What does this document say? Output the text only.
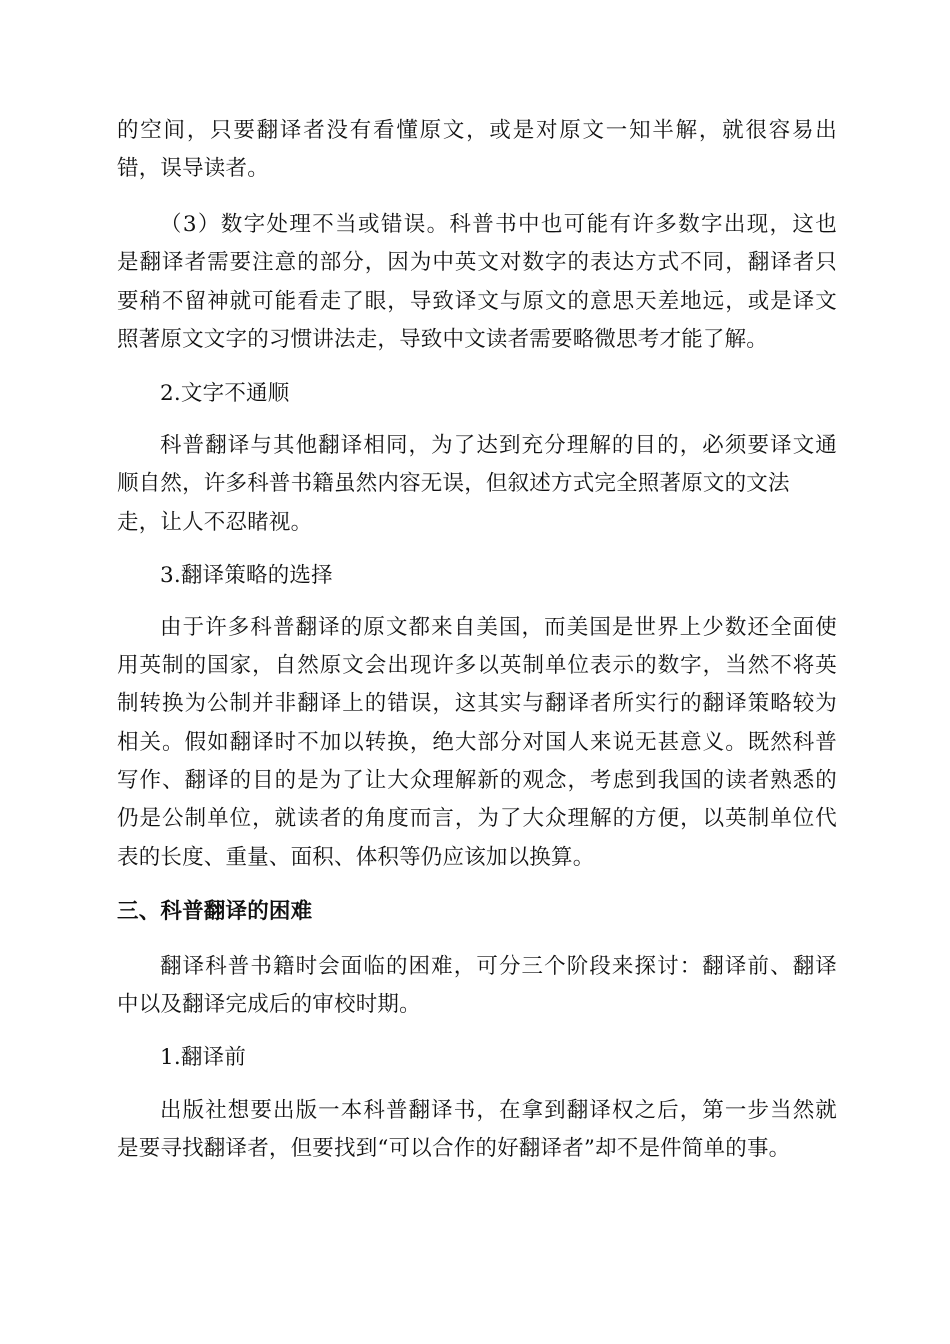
的空间，只要翻译者没有看懂原文，或是对原文一知半解，就很容易出
错，误导读者。
（3）数字处理不当或错误。科普书中也可能有许多数字出现，这也
是翻译者需要注意的部分，因为中英文对数字的表达方式不同，翻译者只
要稍不留神就可能看走了眼，导致译文与原文的意思天差地远，或是译文
照著原文文字的习惯讲法走，导致中文读者需要略微思考才能了解。
2.文字不通顺
科普翻译与其他翻译相同，为了达到充分理解的目的，必须要译文通
顺自然，许多科普书籍虽然内容无误，但叙述方式完全照著原文的文法
走，让人不忍睹视。
3.翻译策略的选择
由于许多科普翻译的原文都来自美国，而美国是世界上少数还全面使
用英制的国家，自然原文会出现许多以英制单位表示的数字，当然不将英
制转换为公制并非翻译上的错误，这其实与翻译者所实行的翻译策略较为
相关。假如翻译时不加以转换，绝大部分对国人来说无甚意义。既然科普
写作、翻译的目的是为了让大众理解新的观念，考虑到我国的读者熟悉的
仍是公制单位，就读者的角度而言，为了大众理解的方便，以英制单位代
表的长度、重量、面积、体积等仍应该加以换算。
三、科普翻译的困难
翻译科普书籍时会面临的困难，可分三个阶段来探讨：翻译前、翻译
中以及翻译完成后的审校时期。
1.翻译前
出版社想要出版一本科普翻译书，在拿到翻译权之后，第一步当然就
是要寻找翻译者，但要找到“可以合作的好翻译者”却不是件简单的事。
